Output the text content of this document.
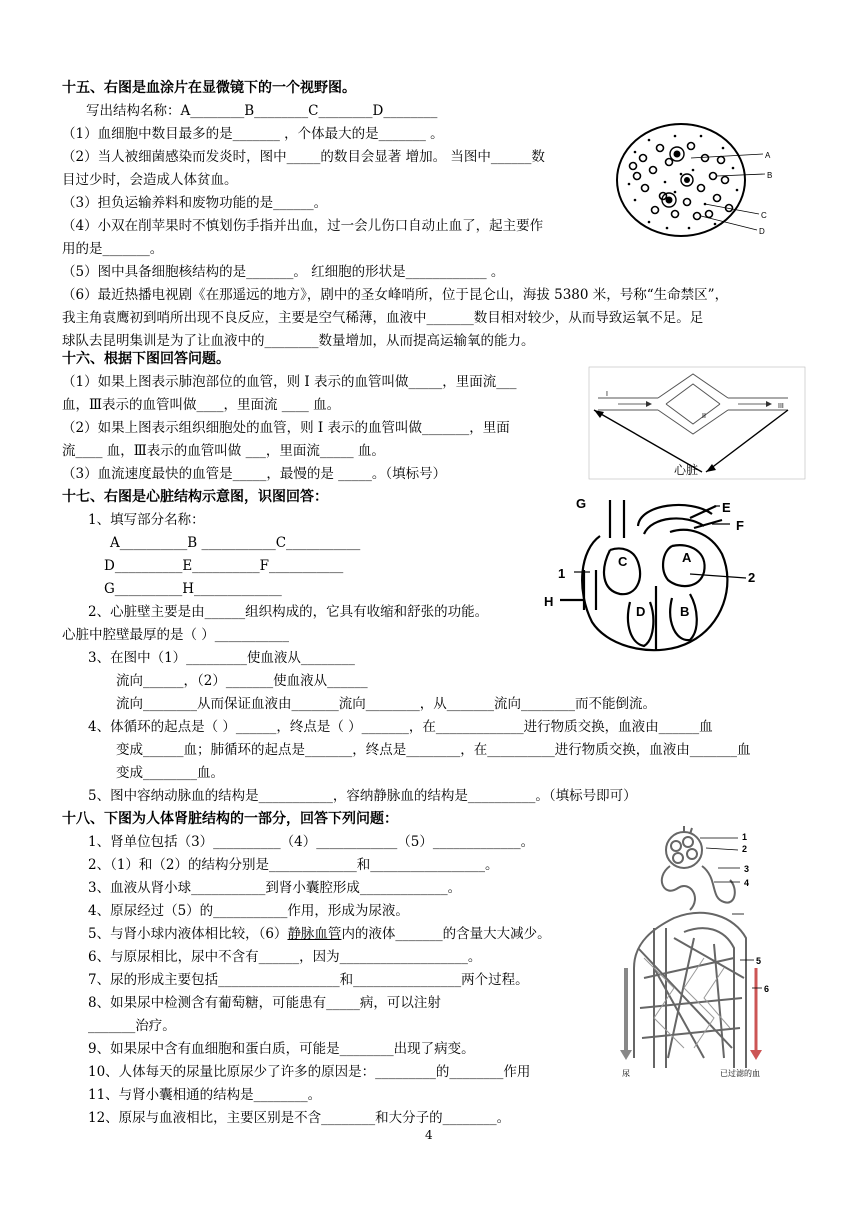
十五、右图是血涂片在显微镜下的一个视野图。
写出结构名称：A________B________C________D________
（1）血细胞中数目最多的是_______ ，个体最大的是_______ 。
（2）当人被细菌感染而发炎时，图中_____的数目会显著 增加。 当图中______数
目过少时，会造成人体贫血。
（3）担负运输养料和废物功能的是______。
（4）小双在削苹果时不慎划伤手指并出血，过一会儿伤口自动止血了，起主要作
用的是_______。
（5）图中具备细胞核结构的是_______。 红细胞的形状是____________ 。
（6）最近热播电视剧《在那遥远的地方》，剧中的圣女峰哨所，位于昆仑山，海拔 5380 米，号称“生命禁区”，
我主角袁鹰初到哨所出现不良反应，主要是空气稀薄，血液中_______数目相对较少，从而导致运氧不足。足
球队去昆明集训是为了让血液中的________数量增加，从而提高运输氧的能力。
A
B
C
D
十六、根据下图回答问题。
（1）如果上图表示肺泡部位的血管，则 I 表示的血管叫做_____，里面流___
血，Ⅲ表示的血管叫做____，里面流 ____ 血。
（2）如果上图表示组织细胞处的血管，则 I 表示的血管叫做_______，里面
流____ 血，Ⅲ表示的血管叫做 ___，里面流_____ 血。
（3）血流速度最快的血管是_____，最慢的是 _____。（填标号）
I
II
III
心脏
十七、右图是心脏结构示意图，识图回答：
1、填写部分名称：
A__________B ___________C___________
D__________E__________F___________
G__________H_____________
2、心脏壁主要是由______组织构成的，它具有收缩和舒张的功能。
心脏中腔壁最厚的是（ ）___________
3、在图中（1）_________使血液从________
流向______，（2）_______使血液从______
流向________从而保证血液由_______流向________，从_______流向________而不能倒流。
4、体循环的起点是（ ）______，终点是（ ）_______，在_____________进行物质交换，血液由______血
变成______血；肺循环的起点是_______，终点是________，在__________进行物质交换，血液由_______血
变成________血。
5、图中容纳动脉血的结构是___________，容纳静脉血的结构是__________。（填标号即可）
G	E
F
C	A
1	2
H
D	B
十八、下图为人体肾脏结构的一部分，回答下列问题：
1、肾单位包括（3）__________（4）____________（5）_____________。
2、（1）和（2）的结构分别是_____________和_________________。
3、血液从肾小球___________到肾小囊腔形成_____________。
4、原尿经过（5）的___________作用，形成为尿液。
5、与肾小球内液体相比较，（6）静脉血管内的液体_______的含量大大减少。
6、与原尿相比，尿中不含有______，因为___________________。
7、尿的形成主要包括__________________和________________两个过程。
8、如果尿中检测含有葡萄糖，可能患有_____病，可以注射
_______治疗。
9、如果尿中含有血细胞和蛋白质，可能是________出现了病变。
10、人体每天的尿量比原尿少了许多的原因是：_________的________作用
11、与肾小囊相通的结构是________。
12、原尿与血液相比，主要区别是不含________和大分子的________。
1
2
3
4
5
6
尿	已过滤的血
4
